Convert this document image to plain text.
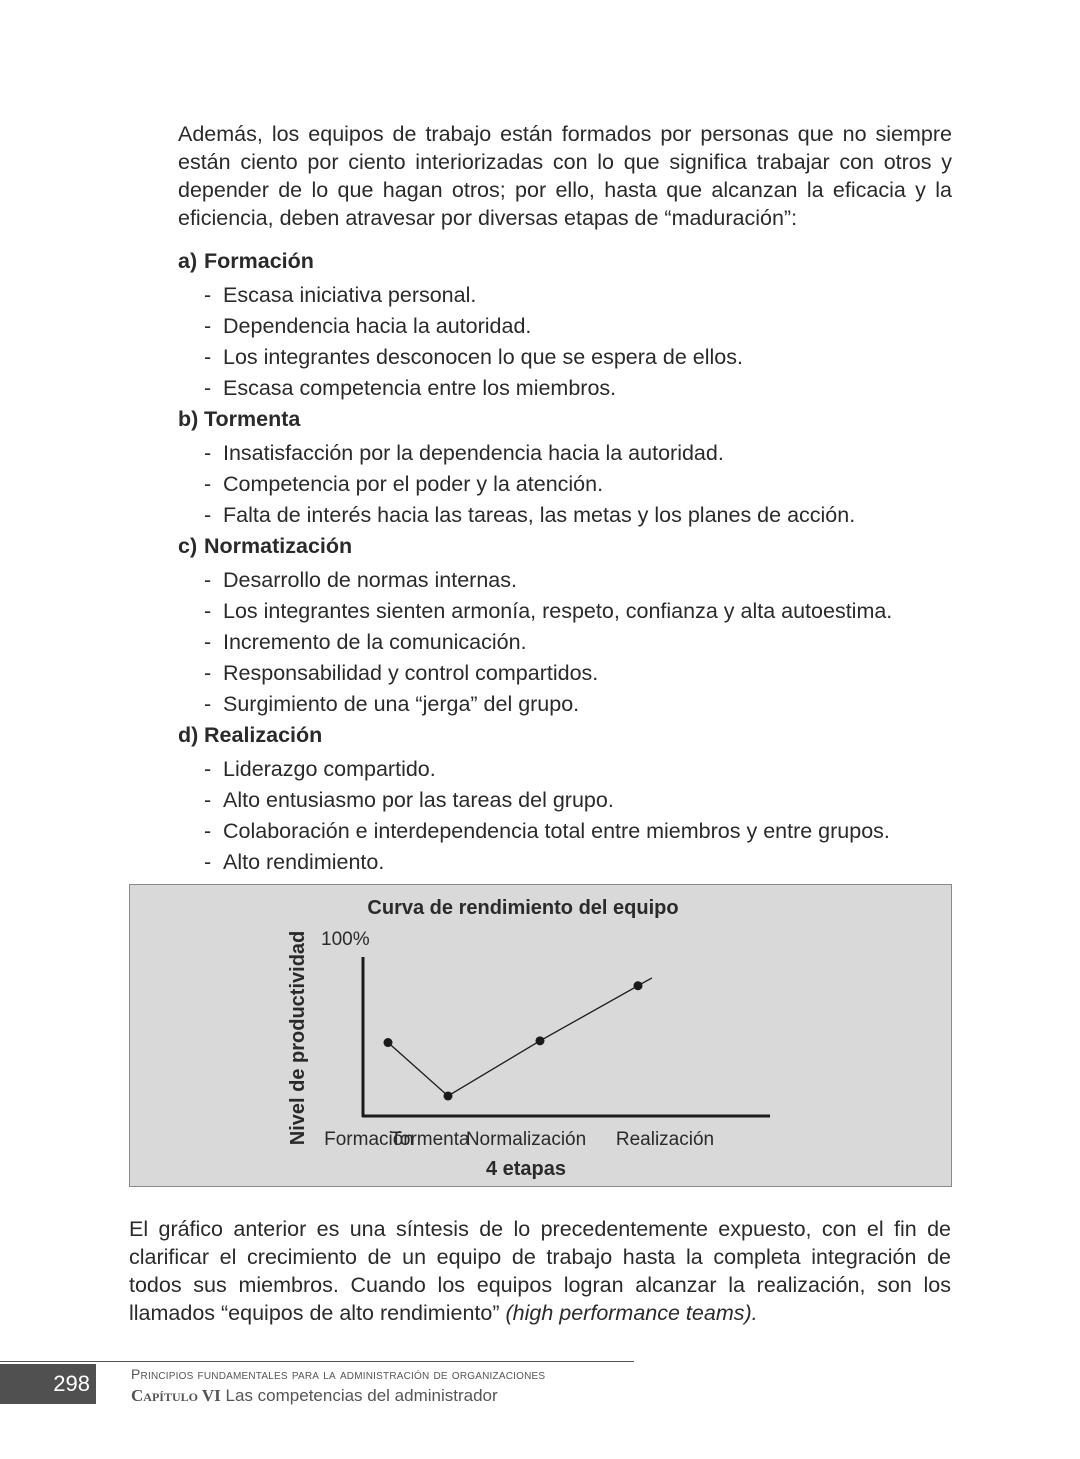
Además, los equipos de trabajo están formados por personas que no siempre están ciento por ciento interiorizadas con lo que significa trabajar con otros y depender de lo que hagan otros; por ello, hasta que alcanzan la eficacia y la eficiencia, deben atravesar por diversas etapas de “maduración”:

a) Formación
- Escasa iniciativa personal.
- Dependencia hacia la autoridad.
- Los integrantes desconocen lo que se espera de ellos.
- Escasa competencia entre los miembros.
b) Tormenta
- Insatisfacción por la dependencia hacia la autoridad.
- Competencia por el poder y la atención.
- Falta de interés hacia las tareas, las metas y los planes de acción.
c) Normatización
- Desarrollo de normas internas.
- Los integrantes sienten armonía, respeto, confianza y alta autoestima.
- Incremento de la comunicación.
- Responsabilidad y control compartidos.
- Surgimiento de una “jerga” del grupo.
d) Realización
- Liderazgo compartido.
- Alto entusiasmo por las tareas del grupo.
- Colaboración e interdependencia total entre miembros y entre grupos.
- Alto rendimiento.
Curva de rendimiento del equipo
100%
Nivel de productividad
4 etapas
Formación
Tormenta
Normalización Realización

El gráfico anterior es una síntesis de lo precedentemente expuesto, con el fin de clarificar el crecimiento de un equipo de trabajo hasta la completa integración de todos sus miembros. Cuando los equipos logran alcanzar la realización, son los llamados “equipos de alto rendimiento” (high performance teams).

298	Principios fundamentales para la administración de organizaciones
Capítulo VI Las competencias del administrador
